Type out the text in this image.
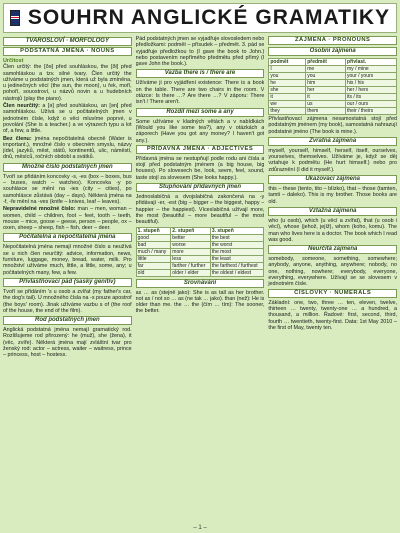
SOUHRN ANGLICKÉ GRAMATIKY
TVAROSLOVÍ · MORFOLOGY
PODSTATNÁ JMÉNA · NOUNS
Určitost
Člen určitý: the [ðə] před souhláskou, the [ði] před samohláskou a tzv. silné tvary. Člen určitý the užíváme u podstatných jmen, která už byla zmíněna, u jedinečných věcí (the sun, the moon), u řek, moří, pohoří, souostroví, u názvů novin a u hudebních nástrojů (play the piano).
Člen neurčitý: a [ə] před souhláskou, an [ən] před samohláskou. Užívá se u počitatelných jmen v jednotném čísle, když o věci mluvíme poprvé, u povolání (She is a teacher.) a ve výrazech typu a lot of, a few, a little.
Bez členu: jména nepočitatelná obecně (Water is important.), množné číslo v obecném smyslu, názvy jídel, jazyků, měst, států, kontinentů, ulic, náměstí, dnů, měsíců, ročních období a svátků.
Množné číslo podstatných jmen
Tvoří se přidáním koncovky -s, -es (box – boxes, bus – buses, watch – watches). Koncovka -y po souhlásce se mění na -ies (city – cities), po samohlásce zůstává (day – days). Některá jména na -f, -fe mění na -ves (knife – knives, leaf – leaves).
Nepravidelné množné číslo: man – men, woman – women, child – children, foot – feet, tooth – teeth, mouse – mice, goose – geese, person – people, ox – oxen, sheep – sheep, fish – fish, deer – deer.
Počitatelná a nepočitatelná jména
Nepočitatelná jména nemají množné číslo a neužívá se u nich člen neurčitý: advice, information, news, furniture, luggage, money, bread, water, milk. Pro množství užíváme much, little, a little, some, any; u počitatelných many, few, a few.
Přivlastňovací pád (saský genitiv)
Tvoří se přidáním 's u osob a zvířat (my father's car, the dog's tail). U množného čísla na -s pouze apostrof (the boys' room). Jinak užíváme vazbu s of (the roof of the house, the end of the film).
Rod podstatných jmen
Anglická podstatná jména nemají gramatický rod. Rozlišujeme rod přirozený: he (muž), she (žena), it (věc, zvíře). Některá jména mají zvláštní tvar pro ženský rod: actor – actress, waiter – waitress, prince – princess, host – hostess.
Pád podstatných jmen se vyjadřuje slovosledem nebo předložkami: podmět – přísudek – předmět. 3. pád se vyjadřuje předložkou to (I gave the book to John.) nebo postavením nepřímého předmětu před přímý (I gave John the book.).
Vazba there is / there are
Užíváme ji pro vyjádření existence: There is a book on the table. There are two chairs in the room. V otázce: Is there …? Are there …? V záporu: There isn't / There aren't.
Rozdíl mezi some a any
Some užíváme v kladných větách a v nabídkách (Would you like some tea?), any v otázkách a záporech (Have you got any money? I haven't got any.).
PŘÍDAVNÁ JMÉNA · ADJECTIVES
Přídavná jména se nestupňují podle rodu ani čísla a stojí před podstatným jménem (a big house, big houses). Po slovesech be, look, seem, feel, sound, taste stojí za slovesem (She looks happy.).
Stupňování přídavných jmen
Jednoslabičná a dvojslabičná zakončená na -y přidávají -er, -est (big – bigger – the biggest, happy – happier – the happiest). Víceslabičná užívají more, the most (beautiful – more beautiful – the most beautiful).
1. stupeň	2. stupeň	3. stupeň
good	better	the best
bad	worse	the worst
much / many	more	the most
little	less	the least
far	farther / further	the farthest / furthest
old	older / elder	the oldest / eldest
Srovnávání
as … as (stejně jako): She is as tall as her brother. not as / not so … as (ne tak … jako). than (než): He is older than me. the … the (čím … tím): The sooner, the better.
ZÁJMENA · PRONOUNS
Osobní zájmena
podmět	předmět	přivlast.
I	me	my / mine
you	you	your / yours
he	him	his / his
she	her	her / hers
it	it	its / its
we	us	our / ours
they	them	their / theirs
Přivlastňovací zájmena nesamostatná stojí před podstatným jménem (my book), samostatná nahrazují podstatné jméno (The book is mine.).
Zvratná zájmena
myself, yourself, himself, herself, itself, ourselves, yourselves, themselves. Užíváme je, když se děj vztahuje k podmětu (He hurt himself.) nebo pro zdůraznění (I did it myself.).
Ukazovací zájmena
this – these (tento, tito – blízko), that – those (tamten, tamti – daleko). This is my brother. Those books are old.
Vztažná zájmena
who (u osob), which (u věcí a zvířat), that (u osob i věcí), whose (jehož, jejíž), whom (koho, komu). The man who lives here is a doctor. The book which I read was good.
Neurčitá zájmena
somebody, someone, something, somewhere; anybody, anyone, anything, anywhere; nobody, no one, nothing, nowhere; everybody, everyone, everything, everywhere. Užívají se se slovesem v jednotném čísle.
ČÍSLOVKY · NUMERALS
Základní: one, two, three … ten, eleven, twelve, thirteen … twenty, twenty-one … a hundred, a thousand, a million. Řadové: first, second, third, fourth … twentieth, twenty-first. Data: 1st May 2010 – the first of May, twenty ten.
– 1 –
